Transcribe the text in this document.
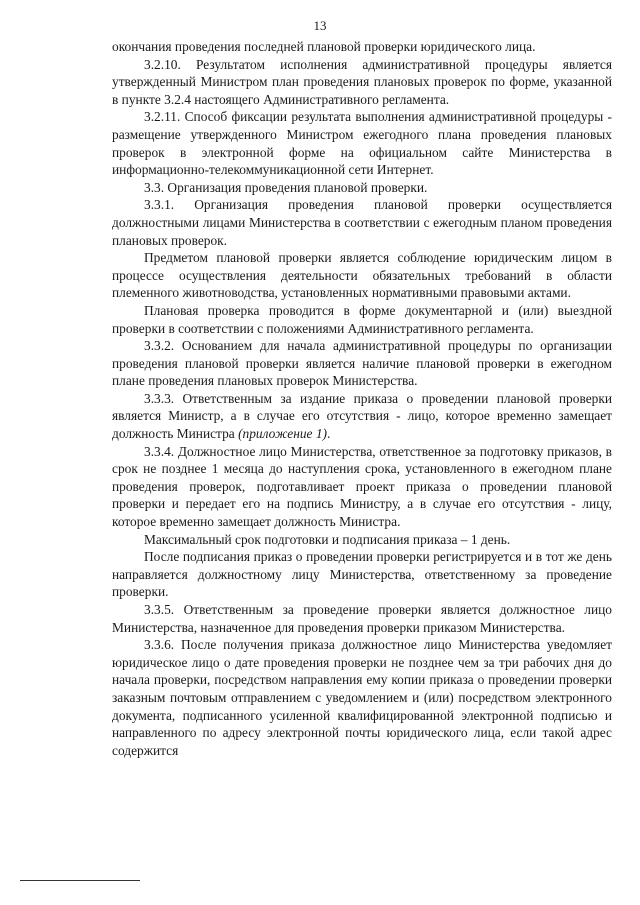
13

окончания проведения последней плановой проверки юридического лица.

3.2.10. Результатом исполнения административной процедуры является утвержденный Министром план проведения плановых проверок по форме, указанной в пункте 3.2.4 настоящего Административного регламента.

3.2.11. Способ фиксации результата выполнения административной процедуры - размещение утвержденного Министром ежегодного плана проведения плановых проверок в электронной форме на официальном сайте Министерства в информационно-телекоммуникационной сети Интернет.

3.3. Организация проведения плановой проверки.

3.3.1. Организация проведения плановой проверки осуществляется должностными лицами Министерства в соответствии с ежегодным планом проведения плановых проверок.

Предметом плановой проверки является соблюдение юридическим лицом в процессе осуществления деятельности обязательных требований в области племенного животноводства, установленных нормативными правовыми актами.

Плановая проверка проводится в форме документарной и (или) выездной проверки в соответствии с положениями Административного регламента.

3.3.2. Основанием для начала административной процедуры по организации проведения плановой проверки является наличие плановой проверки в ежегодном плане проведения плановых проверок Министерства.

3.3.3. Ответственным за издание приказа о проведении плановой проверки является Министр, а в случае его отсутствия - лицо, которое временно замещает должность Министра (приложение 1).

3.3.4. Должностное лицо Министерства, ответственное за подготовку приказов, в срок не позднее 1 месяца до наступления срока, установленного в ежегодном плане проведения проверок, подготавливает проект приказа о проведении плановой проверки и передает его на подпись Министру, а в случае его отсутствия - лицу, которое временно замещает должность Министра.

Максимальный срок подготовки и подписания приказа – 1 день.

После подписания приказ о проведении проверки регистрируется и в тот же день направляется должностному лицу Министерства, ответственному за проведение проверки.

3.3.5. Ответственным за проведение проверки является должностное лицо Министерства, назначенное для проведения проверки приказом Министерства.

3.3.6. После получения приказа должностное лицо Министерства уведомляет юридическое лицо о дате проведения проверки не позднее чем за три рабочих дня до начала проверки, посредством направления ему копии приказа о проведении проверки заказным почтовым отправлением с уведомлением и (или) посредством электронного документа, подписанного усиленной квалифицированной электронной подписью и направленного по адресу электронной почты юридического лица, если такой адрес содержится
